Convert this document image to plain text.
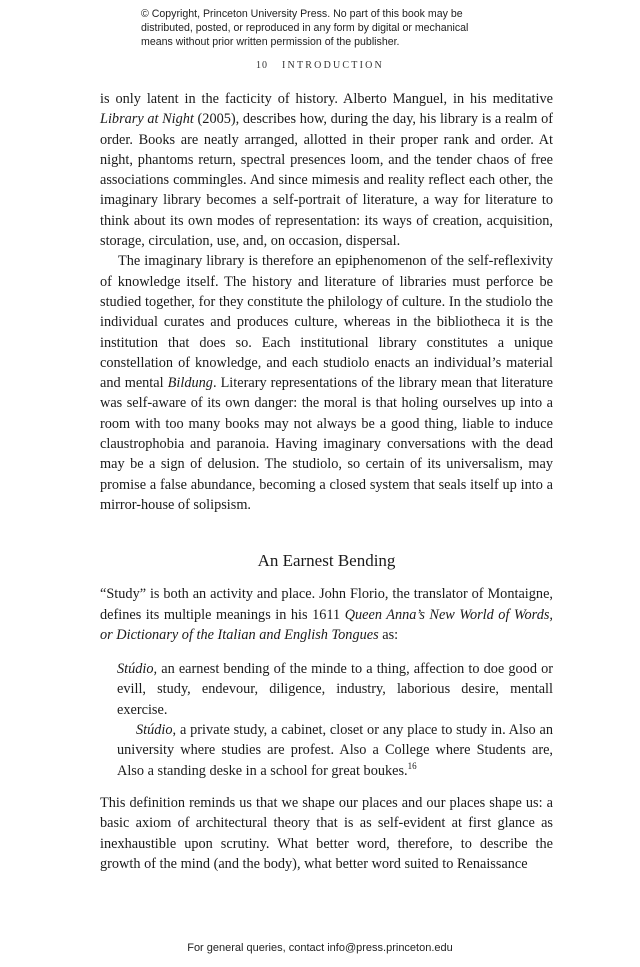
© Copyright, Princeton University Press. No part of this book may be

distributed, posted, or reproduced in any form by digital or mechanical

means without prior written permission of the publisher.

10 INTRODUCTION

is only latent in the facticity of history. Alberto Manguel, in his meditative Library at Night (2005), describes how, during the day, his library is a realm of order. Books are neatly arranged, allotted in their proper rank and order. At night, phantoms return, spectral presences loom, and the tender chaos of free associations commingles. And since mimesis and reality reflect each other, the imaginary library becomes a self-portrait of literature, a way for literature to think about its own modes of representation: its ways of creation, acquisition, storage, circulation, use, and, on occasion, dispersal.

The imaginary library is therefore an epiphenomenon of the self-reflexivity of knowledge itself. The history and literature of libraries must perforce be studied together, for they constitute the philology of culture. In the studiolo the individual curates and produces culture, whereas in the bibliotheca it is the institution that does so. Each institutional library constitutes a unique constellation of knowledge, and each studiolo enacts an individual’s material and mental Bildung. Literary representations of the library mean that literature was self-aware of its own danger: the moral is that holing ourselves up into a room with too many books may not always be a good thing, liable to induce claustrophobia and paranoia. Having imaginary conversations with the dead may be a sign of delusion. The studiolo, so certain of its universalism, may promise a false abundance, becoming a closed system that seals itself up into a mirror-house of solipsism.

An Earnest Bending

“Study” is both an activity and place. John Florio, the translator of Montaigne, defines its multiple meanings in his 1611 Queen Anna’s New World of Words, or Dictionary of the Italian and English Tongues as:

Stúdio, an earnest bending of the minde to a thing, affection to doe good or evill, study, endevour, diligence, industry, laborious desire, mentall exercise.

Stúdio, a private study, a cabinet, closet or any place to study in. Also an university where studies are profest. Also a College where Students are, Also a standing deske in a school for great boukes.$^{16}$

This definition reminds us that we shape our places and our places shape us: a basic axiom of architectural theory that is as self-evident at first glance as inexhaustible upon scrutiny. What better word, therefore, to describe the growth of the mind (and the body), what better word suited to Renaissance

For general queries, contact info@press.princeton.edu
